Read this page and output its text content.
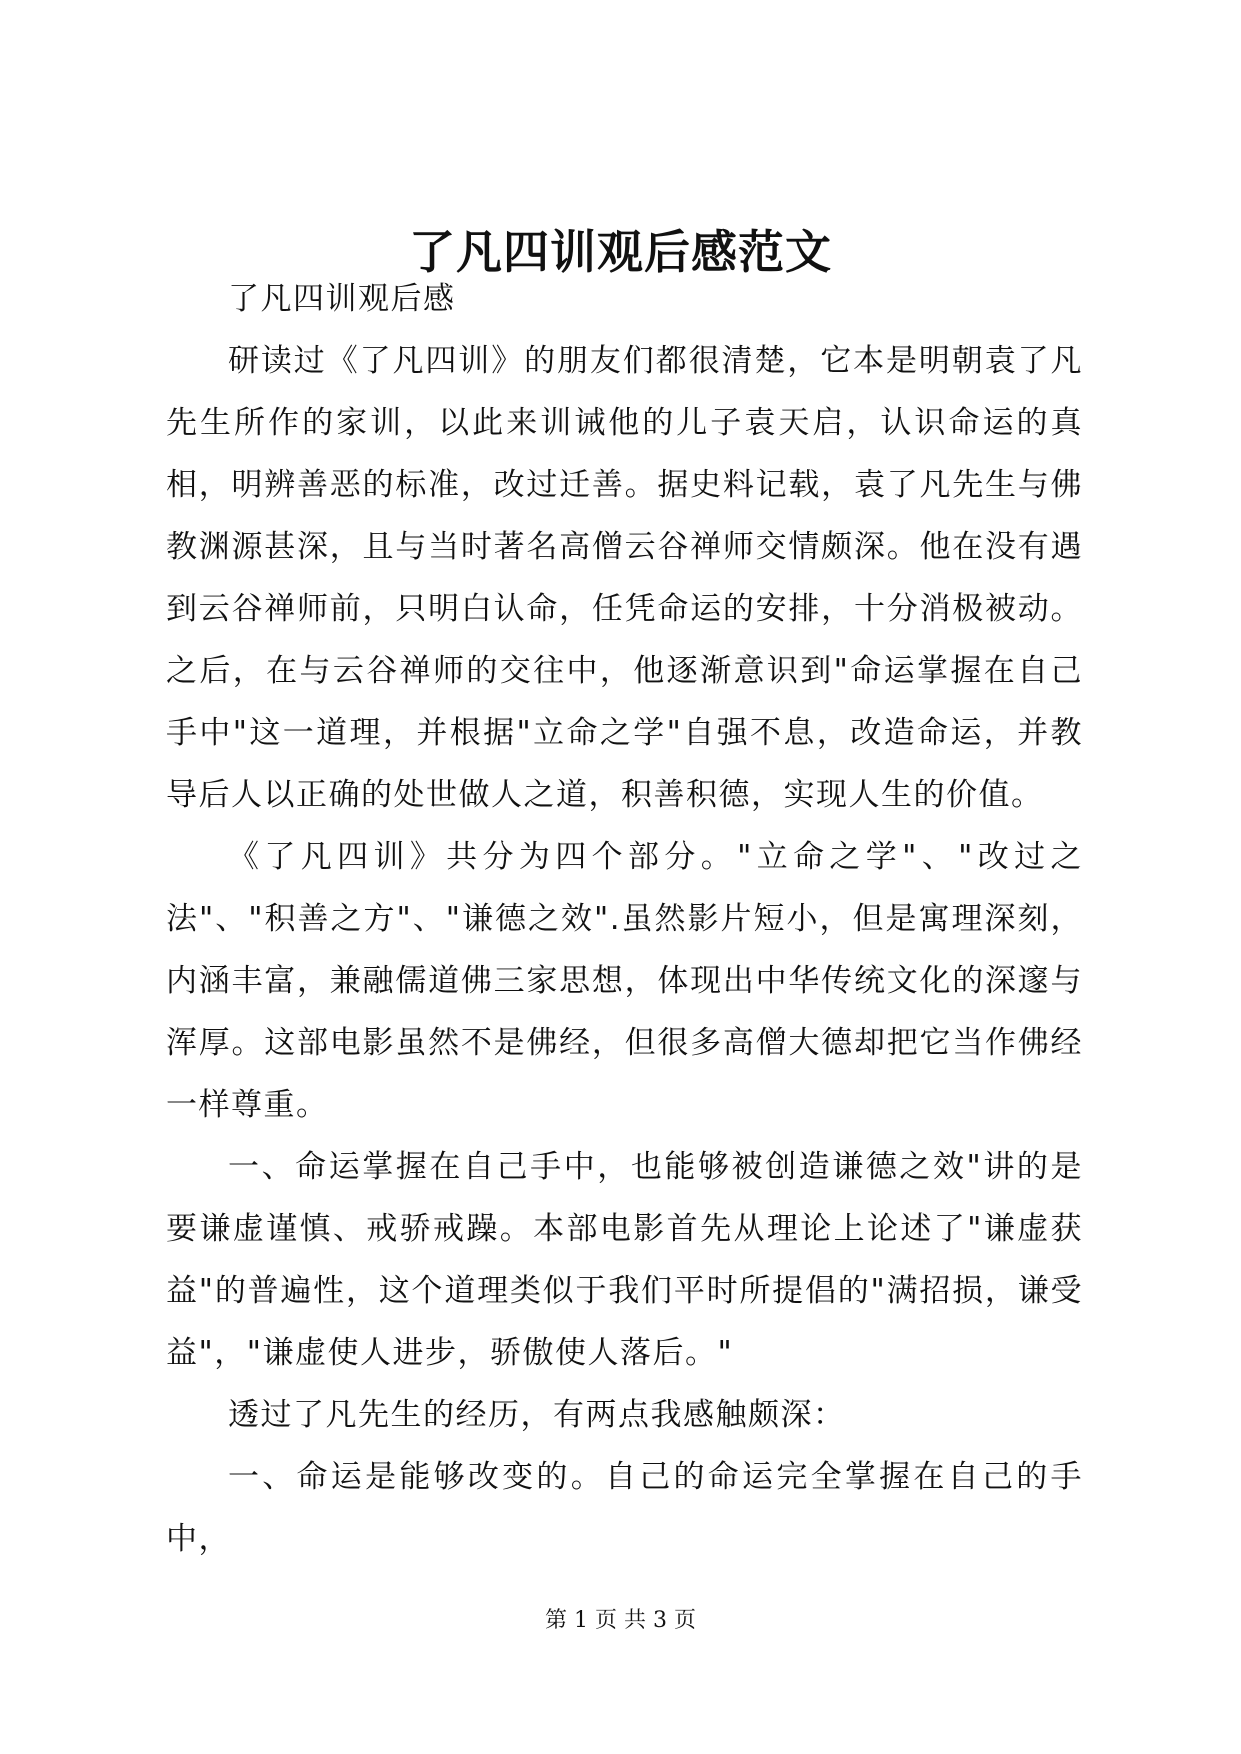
了凡四训观后感范文

了凡四训观后感

研读过《了凡四训》的朋友们都很清楚，它本是明朝袁了凡先生所作的家训，以此来训诫他的儿子袁天启，认识命运的真相，明辨善恶的标准，改过迁善。据史料记载，袁了凡先生与佛教渊源甚深，且与当时著名高僧云谷禅师交情颇深。他在没有遇到云谷禅师前，只明白认命，任凭命运的安排，十分消极被动。之后，在与云谷禅师的交往中，他逐渐意识到"命运掌握在自己手中"这一道理，并根据"立命之学"自强不息，改造命运，并教导后人以正确的处世做人之道，积善积德，实现人生的价值。

《了凡四训》共分为四个部分。"立命之学"、"改过之法"、"积善之方"、"谦德之效".虽然影片短小，但是寓理深刻，内涵丰富，兼融儒道佛三家思想，体现出中华传统文化的深邃与浑厚。这部电影虽然不是佛经，但很多高僧大德却把它当作佛经一样尊重。

一、命运掌握在自己手中，也能够被创造谦德之效"讲的是要谦虚谨慎、戒骄戒躁。本部电影首先从理论上论述了"谦虚获益"的普遍性，这个道理类似于我们平时所提倡的"满招损，谦受益"，"谦虚使人进步，骄傲使人落后。"

透过了凡先生的经历，有两点我感触颇深：

一、命运是能够改变的。自己的命运完全掌握在自己的手中，

第 1 页 共 3 页
